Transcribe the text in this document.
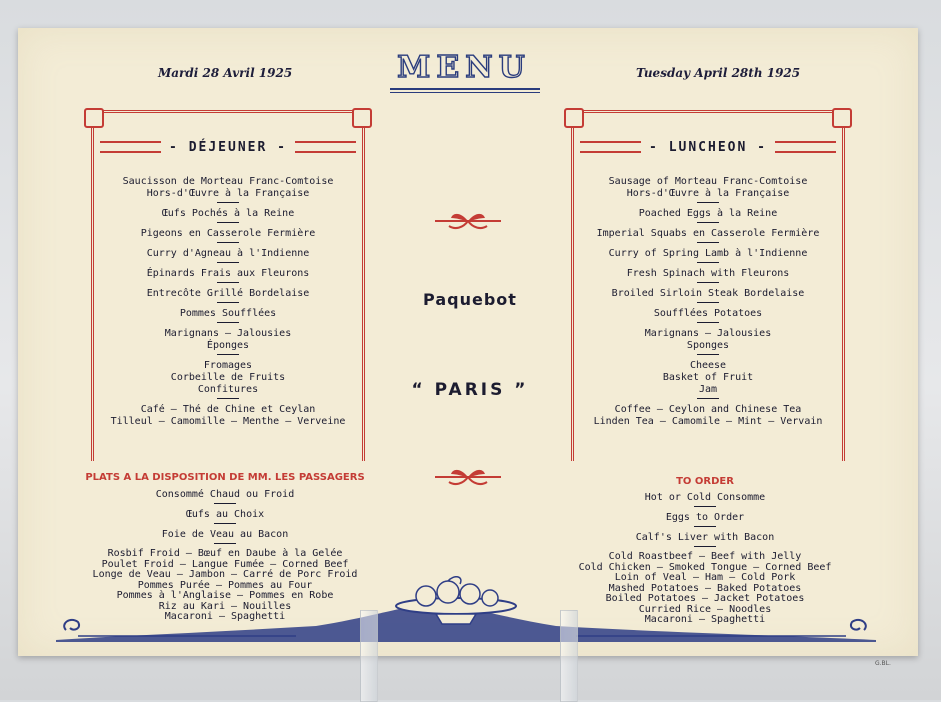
Mardi 28 Avril 1925	Tuesday April 28th 1925
MENU
- DÉJEUNER -
Saucisson de Morteau Franc-Comtoise
Hors-d'Œuvre à la Française
Œufs Pochés à la Reine
Pigeons en Casserole Fermière
Curry d'Agneau à l'Indienne
Épinards Frais aux Fleurons
Entrecôte Grillé Bordelaise
Pommes Soufflées
Marignans — Jalousies
Éponges
Fromages
Corbeille de Fruits
Confitures
Café — Thé de Chine et Ceylan
Tilleul — Camomille — Menthe — Verveine
- LUNCHEON -
Sausage of Morteau Franc-Comtoise
Hors-d'Œuvre à la Française
Poached Eggs à la Reine
Imperial Squabs en Casserole Fermière
Curry of Spring Lamb à l'Indienne
Fresh Spinach with Fleurons
Broiled Sirloin Steak Bordelaise
Soufflées Potatoes
Marignans — Jalousies
Sponges
Cheese
Basket of Fruit
Jam
Coffee — Ceylon and Chinese Tea
Linden Tea — Camomile — Mint — Vervain
Paquebot
“ PARIS ”
PLATS A LA DISPOSITION DE MM. LES PASSAGERS
Consommé Chaud ou Froid
Œufs au Choix
Foie de Veau au Bacon
Rosbif Froid — Bœuf en Daube à la Gelée
Poulet Froid — Langue Fumée — Corned Beef
Longe de Veau — Jambon — Carré de Porc Froid
Pommes Purée — Pommes au Four
Pommes à l'Anglaise — Pommes en Robe
Riz au Kari — Nouilles
Macaroni — Spaghetti
TO ORDER
Hot or Cold Consomme
Eggs to Order
Calf's Liver with Bacon
Cold Roastbeef — Beef with Jelly
Cold Chicken — Smoked Tongue — Corned Beef
Loin of Veal — Ham — Cold Pork
Mashed Potatoes — Baked Potatoes
Boiled Potatoes — Jacket Potatoes
Curried Rice — Noodles
Macaroni — Spaghetti
G.BL.
